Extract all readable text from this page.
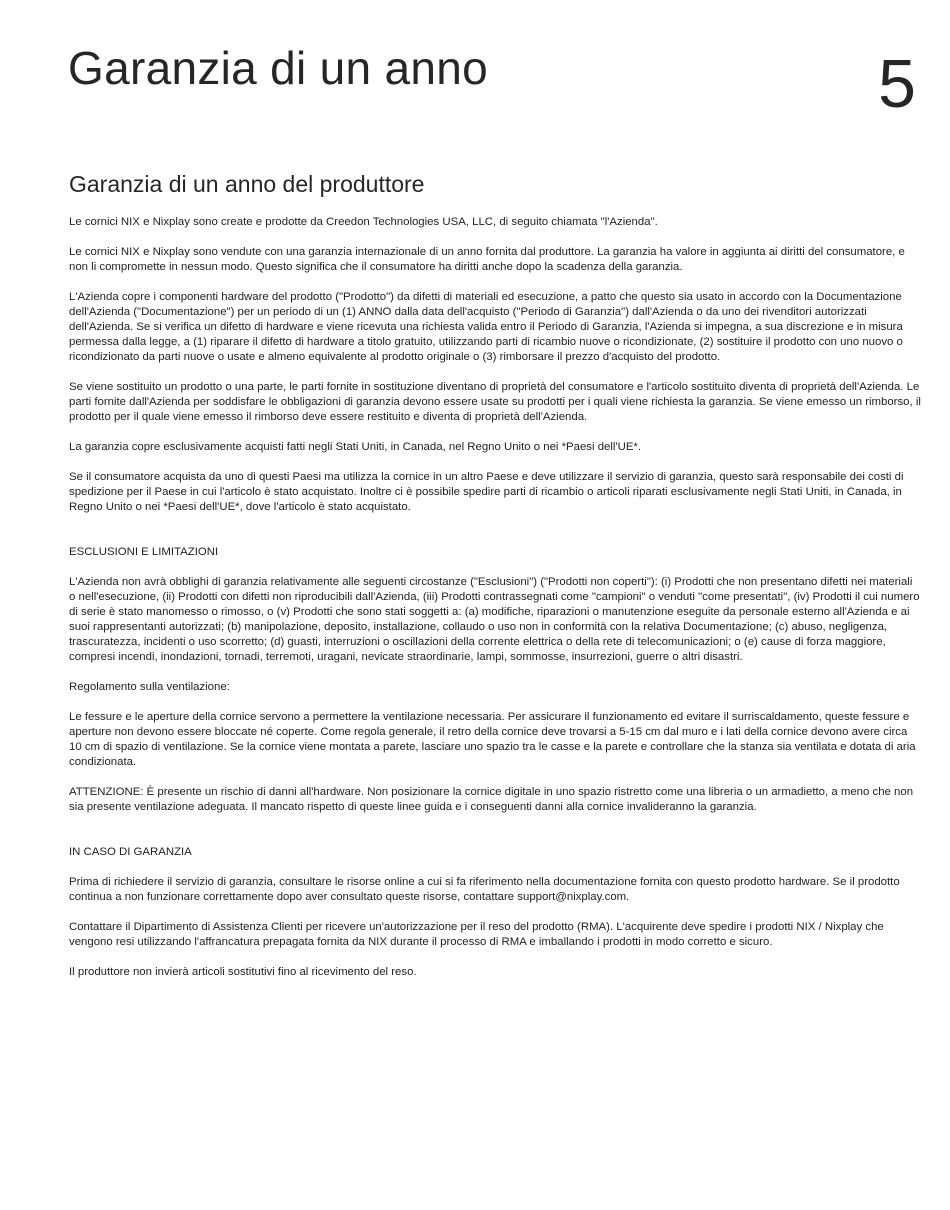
Garanzia di un anno	5
Garanzia di un anno del produttore

Le cornici NIX e Nixplay sono create e prodotte da Creedon Technologies USA, LLC, di seguito chiamata "l'Azienda".

Le cornici NIX e Nixplay sono vendute con una garanzia internazionale di un anno fornita dal produttore. La garanzia ha valore in aggiunta ai diritti del consumatore, e non li compromette in nessun modo. Questo significa che il consumatore ha diritti anche dopo la scadenza della garanzia.

L'Azienda copre i componenti hardware del prodotto ("Prodotto") da difetti di materiali ed esecuzione, a patto che questo sia usato in accordo con la Documentazione dell'Azienda ("Documentazione") per un periodo di un (1) ANNO dalla data dell'acquisto ("Periodo di Garanzia") dall'Azienda o da uno dei rivenditori autorizzati dell'Azienda. Se si verifica un difetto di hardware e viene ricevuta una richiesta valida entro il Periodo di Garanzia, l'Azienda si impegna, a sua discrezione e in misura permessa dalla legge, a (1) riparare il difetto di hardware a titolo gratuito, utilizzando parti di ricambio nuove o ricondizionate, (2) sostituire il prodotto con uno nuovo o ricondizionato da parti nuove o usate e almeno equivalente al prodotto originale o (3) rimborsare il prezzo d'acquisto del prodotto.

Se viene sostituito un prodotto o una parte, le parti fornite in sostituzione diventano di proprietà del consumatore e l'articolo sostituito diventa di proprietà dell'Azienda. Le parti fornite dall'Azienda per soddisfare le obbligazioni di garanzia devono essere usate su prodotti per i quali viene richiesta la garanzia. Se viene emesso un rimborso, il prodotto per il quale viene emesso il rimborso deve essere restituito e diventa di proprietà dell'Azienda.

La garanzia copre esclusivamente acquisti fatti negli Stati Uniti, in Canada, nel Regno Unito o nei *Paesi dell'UE*.

Se il consumatore acquista da uno di questi Paesi ma utilizza la cornice in un altro Paese e deve utilizzare il servizio di garanzia, questo sarà responsabile dei costi di spedizione per il Paese in cui l'articolo è stato acquistato. Inoltre ci è possibile spedire parti di ricambio o articoli riparati esclusivamente negli Stati Uniti, in Canada, in Regno Unito o nei *Paesi dell'UE*, dove l'articolo è stato acquistato.

ESCLUSIONI E LIMITAZIONI

L'Azienda non avrà obblighi di garanzia relativamente alle seguenti circostanze ("Esclusioni") ("Prodotti non coperti"): (i) Prodotti che non presentano difetti nei materiali o nell'esecuzione, (ii) Prodotti con difetti non riproducibili dall'Azienda, (iii) Prodotti contrassegnati come "campioni" o venduti "come presentati", (iv) Prodotti il cui numero di serie è stato manomesso o rimosso, o (v) Prodotti che sono stati soggetti a: (a) modifiche, riparazioni o manutenzione eseguite da personale esterno all'Azienda e ai suoi rappresentanti autorizzati; (b) manipolazione, deposito, installazione, collaudo o uso non in conformità con la relativa Documentazione; (c) abuso, negligenza, trascuratezza, incidenti o uso scorretto; (d) guasti, interruzioni o oscillazioni della corrente elettrica o della rete di telecomunicazioni; o (e) cause di forza maggiore, compresi incendi, inondazioni, tornadi, terremoti, uragani, nevicate straordinarie, lampi, sommosse, insurrezioni, guerre o altri disastri.

Regolamento sulla ventilazione:

Le fessure e le aperture della cornice servono a permettere la ventilazione necessaria. Per assicurare il funzionamento ed evitare il surriscaldamento, queste fessure e aperture non devono essere bloccate né coperte. Come regola generale, il retro della cornice deve trovarsi a 5-15 cm dal muro e i lati della cornice devono avere circa 10 cm di spazio di ventilazione. Se la cornice viene montata a parete, lasciare uno spazio tra le casse e la parete e controllare che la stanza sia ventilata e dotata di aria condizionata.

ATTENZIONE: È presente un rischio di danni all'hardware. Non posizionare la cornice digitale in uno spazio ristretto come una libreria o un armadietto, a meno che non sia presente ventilazione adeguata. Il mancato rispetto di queste linee guida e i conseguenti danni alla cornice invalideranno la garanzia.

IN CASO DI GARANZIA

Prima di richiedere il servizio di garanzia, consultare le risorse online a cui si fa riferimento nella documentazione fornita con questo prodotto hardware. Se il prodotto continua a non funzionare correttamente dopo aver consultato queste risorse, contattare support@nixplay.com.

Contattare il Dipartimento di Assistenza Clienti per ricevere un'autorizzazione per il reso del prodotto (RMA). L'acquirente deve spedire i prodotti NIX / Nixplay che vengono resi utilizzando l'affrancatura prepagata fornita da NIX durante il processo di RMA e imballando i prodotti in modo corretto e sicuro.

Il produttore non invierà articoli sostitutivi fino al ricevimento del reso.
